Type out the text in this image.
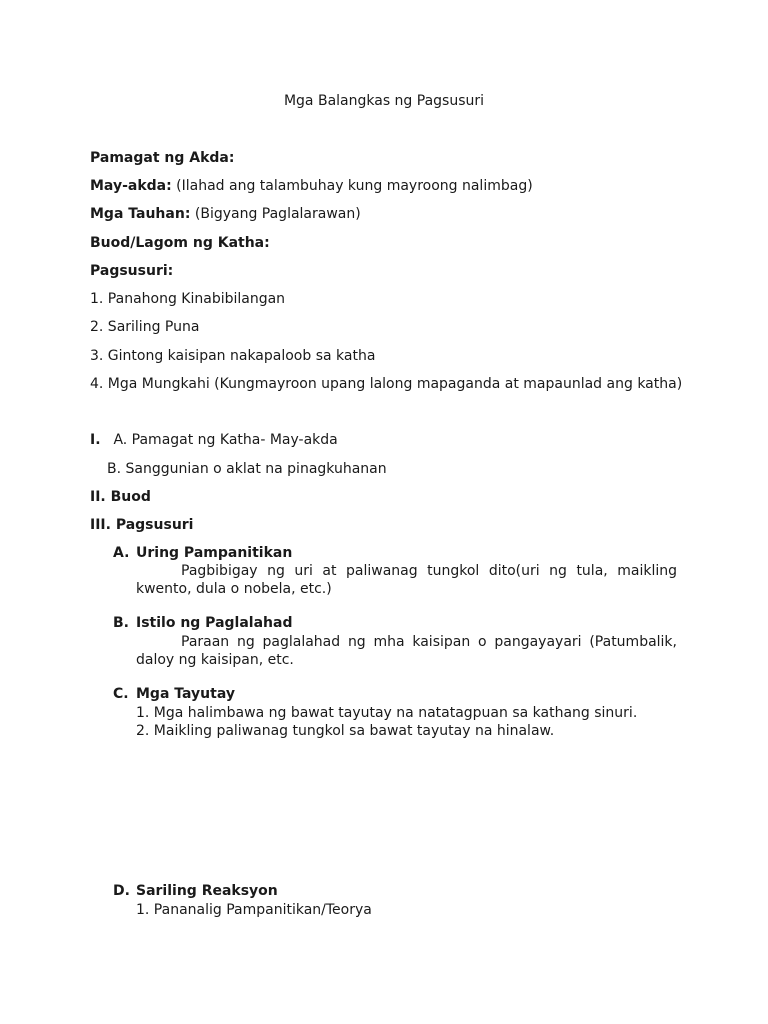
Mga Balangkas ng Pagsusuri
Pamagat ng Akda:
May-akda: (Ilahad ang talambuhay kung mayroong nalimbag)
Mga Tauhan: (Bigyang Paglalarawan)
Buod/Lagom ng Katha:
Pagsusuri:
1. Panahong Kinabibilangan
2. Sariling Puna
3. Gintong kaisipan nakapaloob sa katha
4. Mga Mungkahi (Kungmayroon upang lalong mapaganda at mapaunlad ang katha)
I. A. Pamagat ng Katha- May-akda
B. Sanggunian o aklat na pinagkuhanan
II. Buod
III. Pagsusuri
A. Uring Pampanitikan
Pagbibigay ng uri at paliwanag tungkol dito(uri ng tula, maikling kwento, dula o nobela, etc.)
B. Istilo ng Paglalahad
Paraan ng paglalahad ng mha kaisipan o pangayayari (Patumbalik, daloy ng kaisipan, etc.
C. Mga Tayutay
1. Mga halimbawa ng bawat tayutay na natatagpuan sa kathang sinuri.
2. Maikling paliwanag tungkol sa bawat tayutay na hinalaw.
D. Sariling Reaksyon
1. Pananalig Pampanitikan/Teorya
